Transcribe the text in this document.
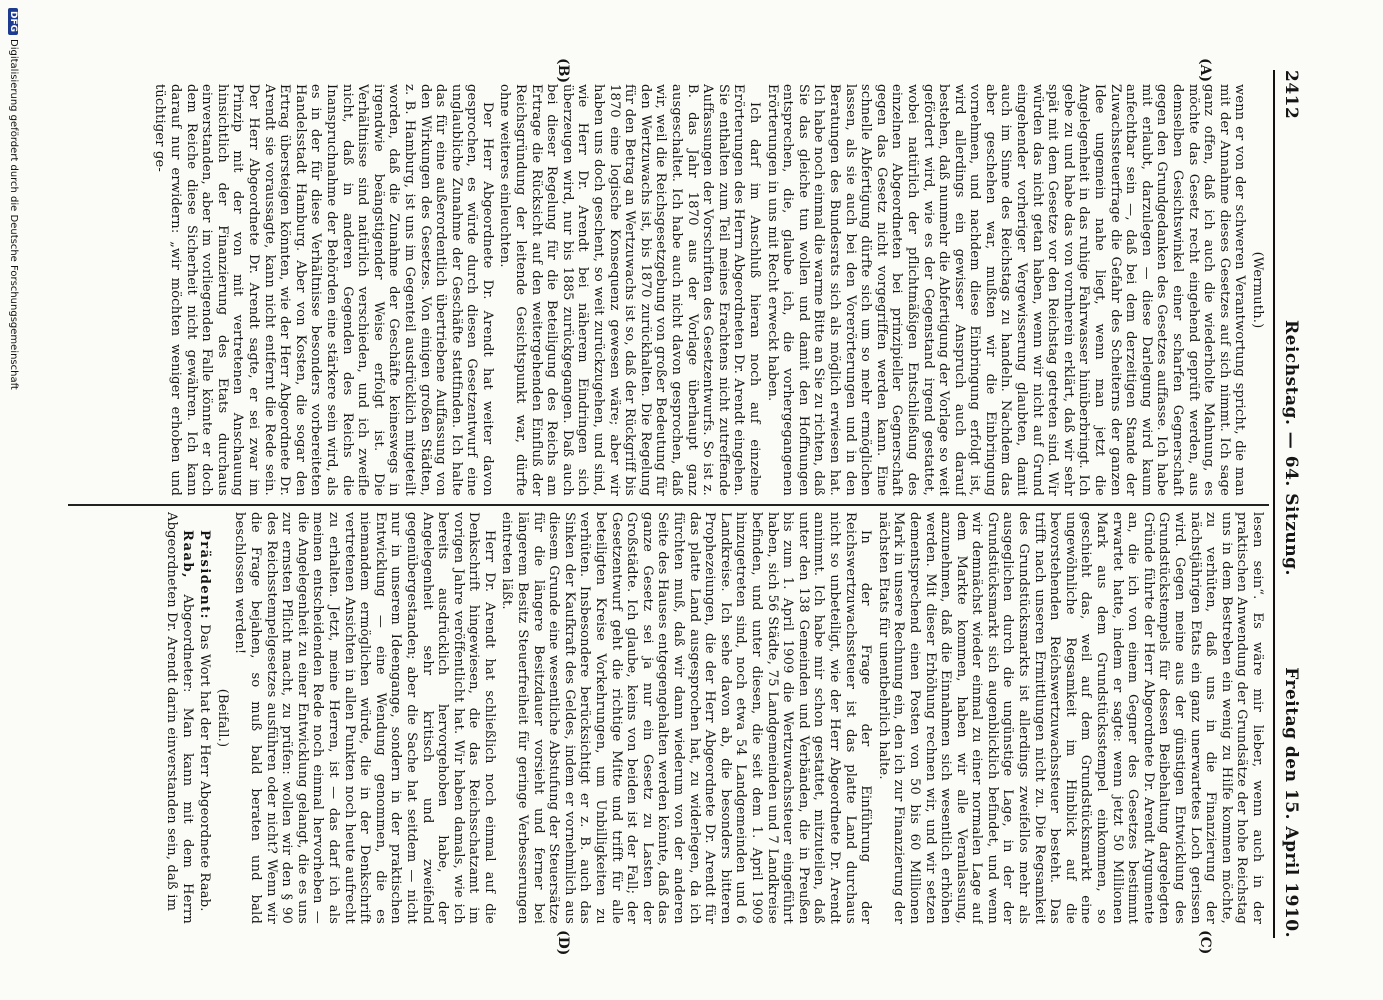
2412
Reichstag. — 64. Sitzung.
Freitag den 15. April 1910.
(A)
(B)
(C)
(D)

(Wermuth.)

wenn er von der schweren Verantwortung spricht, die man mit der Annahme dieses Gesetzes auf sich nimmt. Ich sage ganz offen, daß ich auch die wiederholte Mahnung, es möchte das Gesetz recht eingehend geprüft werden, aus demselben Gesichtswinkel einer scharfen Gegnerschaft gegen den Grundgedanken des Gesetzes auffasse. Ich habe mit erlaubt, darzulegen — diese Darlegung wird kaum anfechtbar sein —, daß bei dem derzeitigen Stande der Zuwachssteuerfrage die Gefahr des Scheiterns der ganzen Idee ungemein nahe liegt, wenn man jetzt die Angelegenheit in das ruhige Fahrwasser hinüberbringt. Ich gebe zu und habe das von vornherein erklärt, daß wir sehr spät mit dem Gesetze vor den Reichstag getreten sind. Wir würden das nicht getan haben, wenn wir nicht auf Grund eingehender vorheriger Vergewisserung glaubten, damit auch im Sinne des Reichstags zu handeln. Nachdem das aber geschehen war, mußten wir die Einbringung vornehmen, und nachdem diese Einbringung erfolgt ist, wird allerdings ein gewisser Anspruch auch darauf bestehen, daß nunmehr die Abfertigung der Vorlage so weit gefördert wird, wie es der Gegenstand irgend gestattet, wobei natürlich der pflichtmäßigen Entschließung des einzelnen Abgeordneten bei prinzipieller Gegnerschaft gegen das Gesetz nicht vorgegriffen werden kann. Eine schnelle Abfertigung dürfte sich um so mehr ermöglichen lassen, als sie auch bei den Vorerörterungen und in den Beratungen des Bundesrats sich als möglich erwiesen hat. Ich habe noch einmal die warme Bitte an Sie zu richten, daß Sie das gleiche tun wollen und damit den Hoffnungen entsprechen, die, glaube ich, die vorhergegangenen Erörterungen in uns mit Recht erweckt haben.

Ich darf im Anschluß hieran noch auf einzelne Erörterungen des Herrn Abgeordneten Dr. Arendt eingehen. Sie enthalten zum Teil meines Erachtens nicht zutreffende Auffassungen der Vorschriften des Gesetzentwurfs. So ist z. B. das Jahr 1870 aus der Vorlage überhaupt ganz ausgeschaltet. Ich habe auch nicht davon gesprochen, daß wir, weil die Reichsgesetzgebung von großer Bedeutung für den Wertzuwachs ist, bis 1870 zurückhalten. Die Regelung für den Betrag an Wertzuwachs ist so, daß der Rückgriff bis 1870 eine logische Konsequenz gewesen wäre; aber wir haben uns doch geschent, so weit zurückzugehen, und sind, wie Herr Dr. Arendt bei näherem Eindringen sich überzeugen wird, nur bis 1885 zurückgegangen. Daß auch bei dieser Regelung für die Beteiligung des Reichs am Ertrage die Rücksicht auf den weitergehenden Einfluß der Reichsgründung der leitende Gesichtspunkt war, dürfte ohne weiteres einleuchten.

Der Herr Abgeordnete Dr. Arendt hat weiter davon gesprochen, es würde durch diesen Gesetzentwurf eine unglaubliche Zunahme der Geschäfte stattfinden. Ich halte das für eine außerordentlich übertriebene Auffassung von den Wirkungen des Gesetzes. Von einigen großen Städten, z. B. Hamburg, ist uns im Gegenteil ausdrücklich mitgeteilt worden, daß die Zunahme der Geschäfte keineswegs in irgendwie beängstigender Weise erfolgt ist. Die Verhältnisse sind natürlich verschieden, und ich zweifle nicht, daß in anderen Gegenden des Reichs die Inanspruchnahme der Behörden eine stärkere sein wird, als es in der für diese Verhältnisse besonders vorbereiteten Handelsstadt Hamburg. Aber von Kosten, die sogar den Ertrag übersteigen könnten, wie der Herr Abgeordnete Dr. Arendt sie voraussagte, kann nicht entfernt die Rede sein. Der Herr Abgeordnete Dr. Arendt sagte, er sei zwar im Prinzip mit der von mit vertretenen Anschauung hinsichtlich der Finanzierung des Etats durchaus einverstanden, aber im vorliegenden Falle könnte er doch dem Reiche diese Sicherheit nicht gewähren. Ich kann darauf nur erwidern: „wir möchten weniger erhoben und tüchtiger ge-

lesen sein“. Es wäre mir lieber, wenn auch in der praktischen Anwendung der Grundsätze der hohe Reichstag uns in dem Bestreben ein wenig zu Hilfe kommen möchte, zu verhüten, daß uns in die Finanzierung der nächstjährigen Etats ein ganz unerwartetes Loch gerissen wird. Gegen meine aus der günstigen Entwicklung des Grundstückstempels für dessen Beibehaltung dargelegten Gründe führte der Herr Abgeordnete Dr. Arendt Argumente an, die ich von einem Gegner des Gesetzes bestimmt erwartet hatte, indem er sagte: wenn jetzt 50 Millionen Mark aus dem Grundstücksstempel einkommen, so geschieht das, weil auf dem Grundstücksmarkt eine ungewöhnliche Regsamkeit im Hinblick auf die bevorstehenden Reichswertzuwachssteuer besteht. Das trifft nach unseren Ermittlungen nicht zu. Die Regsamkeit des Grundstücksmarkts ist allerdings zweifellos mehr als ausgeglichen durch die ungünstige Lage, in der der Grundstücksmarkt sich augenblicklich befindet, und wenn wir demnächst wieder einmal zu einer normalen Lage auf dem Markte kommen, haben wir alle Veranlassung, anzunehmen, daß die Einnahmen sich wesentlich erhöhen werden. Mit dieser Erhöhung rechnen wir, und wir setzen dementsprechend einen Posten von 50 bis 60 Millionen Mark in unsere Rechnung ein, den ich zur Finanzierung der nächsten Etats für unentbehrlich halte.

In der Frage der Einführung der Reichswertzuwachssteuer ist das platte Land durchaus nicht so unbeteiligt, wie der Herr Abgeordnete Dr. Arendt annimmt. Ich habe mir schon gestattet, mitzuteilen, daß unter den 138 Gemeinden und Verbänden, die in Preußen bis zum 1. April 1909 die Wertzuwachssteuer eingeführt haben, sich 56 Städte, 75 Landgemeinden und 7 Landkreise befinden, und unter diesen, die seit dem 1. April 1909 hinzugetreten sind, noch etwa 54 Landgemeinden und 6 Landkreise. Ich sehe davon ab, die besonders bitteren Prophezeiungen, die der Herr Abgeordnete Dr. Arendt für das platte Land ausgesprochen hat, zu widerlegen, da ich fürchten muß, daß wir dann wiederum von der anderen Seite des Hauses entgegengehalten werden könnte, daß das ganze Gesetz sei ja nur ein Gesetz zu Lasten der Großstädte. Ich glaube, keins von beiden ist der Fall; der Gesetzentwurf geht die richtige Mitte und trifft für alle beteiligten Kreise Vorkehrungen, um Unbilligkeiten zu verhüten. Insbesondere berücksichtigt er z. B. auch das Sinken der Kaufkraft des Geldes, indem er vornehmlich aus diesem Grunde eine wesentliche Abstufung der Steuersätze für die längere Besitzdauer vorsieht und ferner bei längerem Besitz Steuerfreiheit für geringe Verbesserungen eintreten läßt.

Herr Dr. Arendt hat schließlich noch einmal auf die Denkschrift hingewiesen, die das Reichsschatzamt im vorigen Jahre veröffentlicht hat. Wir haben damals, wie ich bereits ausdrücklich hervorgehoben habe, der Angelegenheit sehr kritisch und zweifelnd gegenübergestanden; aber die Sache hat seitdem — nicht nur in unserem Ideengange, sondern in der praktischen Entwicklung — eine Wendung genommen, die es niemandem ermöglichen würde, die in der Denkschrift vertretenen Ansichten in allen Punkten noch heute aufrecht zu erhalten. Jetzt, meine Herren, ist — das darf ich als meinen entscheidenden Rede noch einmal hervorheben — die Angelegenheit zu einer Entwicklung gelangt, die es uns zur ernsten Pflicht macht, zu prüfen: wollen wir den § 90 des Reichsstempelgesetzes ausführen oder nicht? Wenn wir die Frage bejahen, so muß bald beraten und bald beschlossen werden!

(Beifall.)

Präsident: Das Wort hat der Herr Abgeordnete Raab.

Raab, Abgeordneter: Man kann mit dem Herrn Abgeordneten Dr. Arendt darin einverstanden sein, daß im

DFGDigitalisierung gefördert durch die Deutsche Forschungsgemeinschaft
